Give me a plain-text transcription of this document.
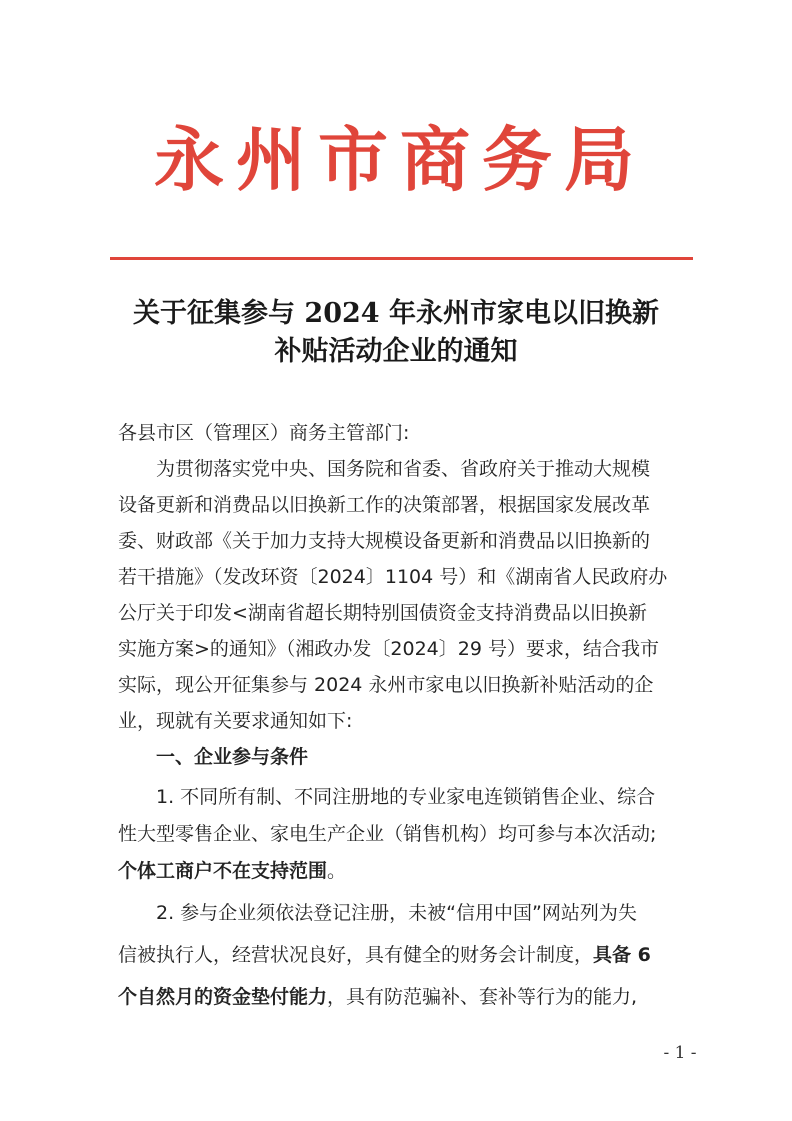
永州市商务局
关于征集参与 2024 年永州市家电以旧换新
补贴活动企业的通知
各县市区（管理区）商务主管部门:
为贯彻落实党中央、国务院和省委、省政府关于推动大规模
设备更新和消费品以旧换新工作的决策部署，根据国家发展改革
委、财政部《关于加力支持大规模设备更新和消费品以旧换新的
若干措施》（发改环资〔2024〕1104 号）和《湖南省人民政府办
公厅关于印发<湖南省超长期特别国债资金支持消费品以旧换新
实施方案>的通知》（湘政办发〔2024〕29 号）要求，结合我市
实际，现公开征集参与 2024 永州市家电以旧换新补贴活动的企
业，现就有关要求通知如下:
一、企业参与条件
1. 不同所有制、不同注册地的专业家电连锁销售企业、综合
性大型零售企业、家电生产企业（销售机构）均可参与本次活动;
个体工商户不在支持范围。
2. 参与企业须依法登记注册，未被“信用中国”网站列为失
信被执行人，经营状况良好，具有健全的财务会计制度，具备 6
个自然月的资金垫付能力，具有防范骗补、套补等行为的能力,
- 1 -
